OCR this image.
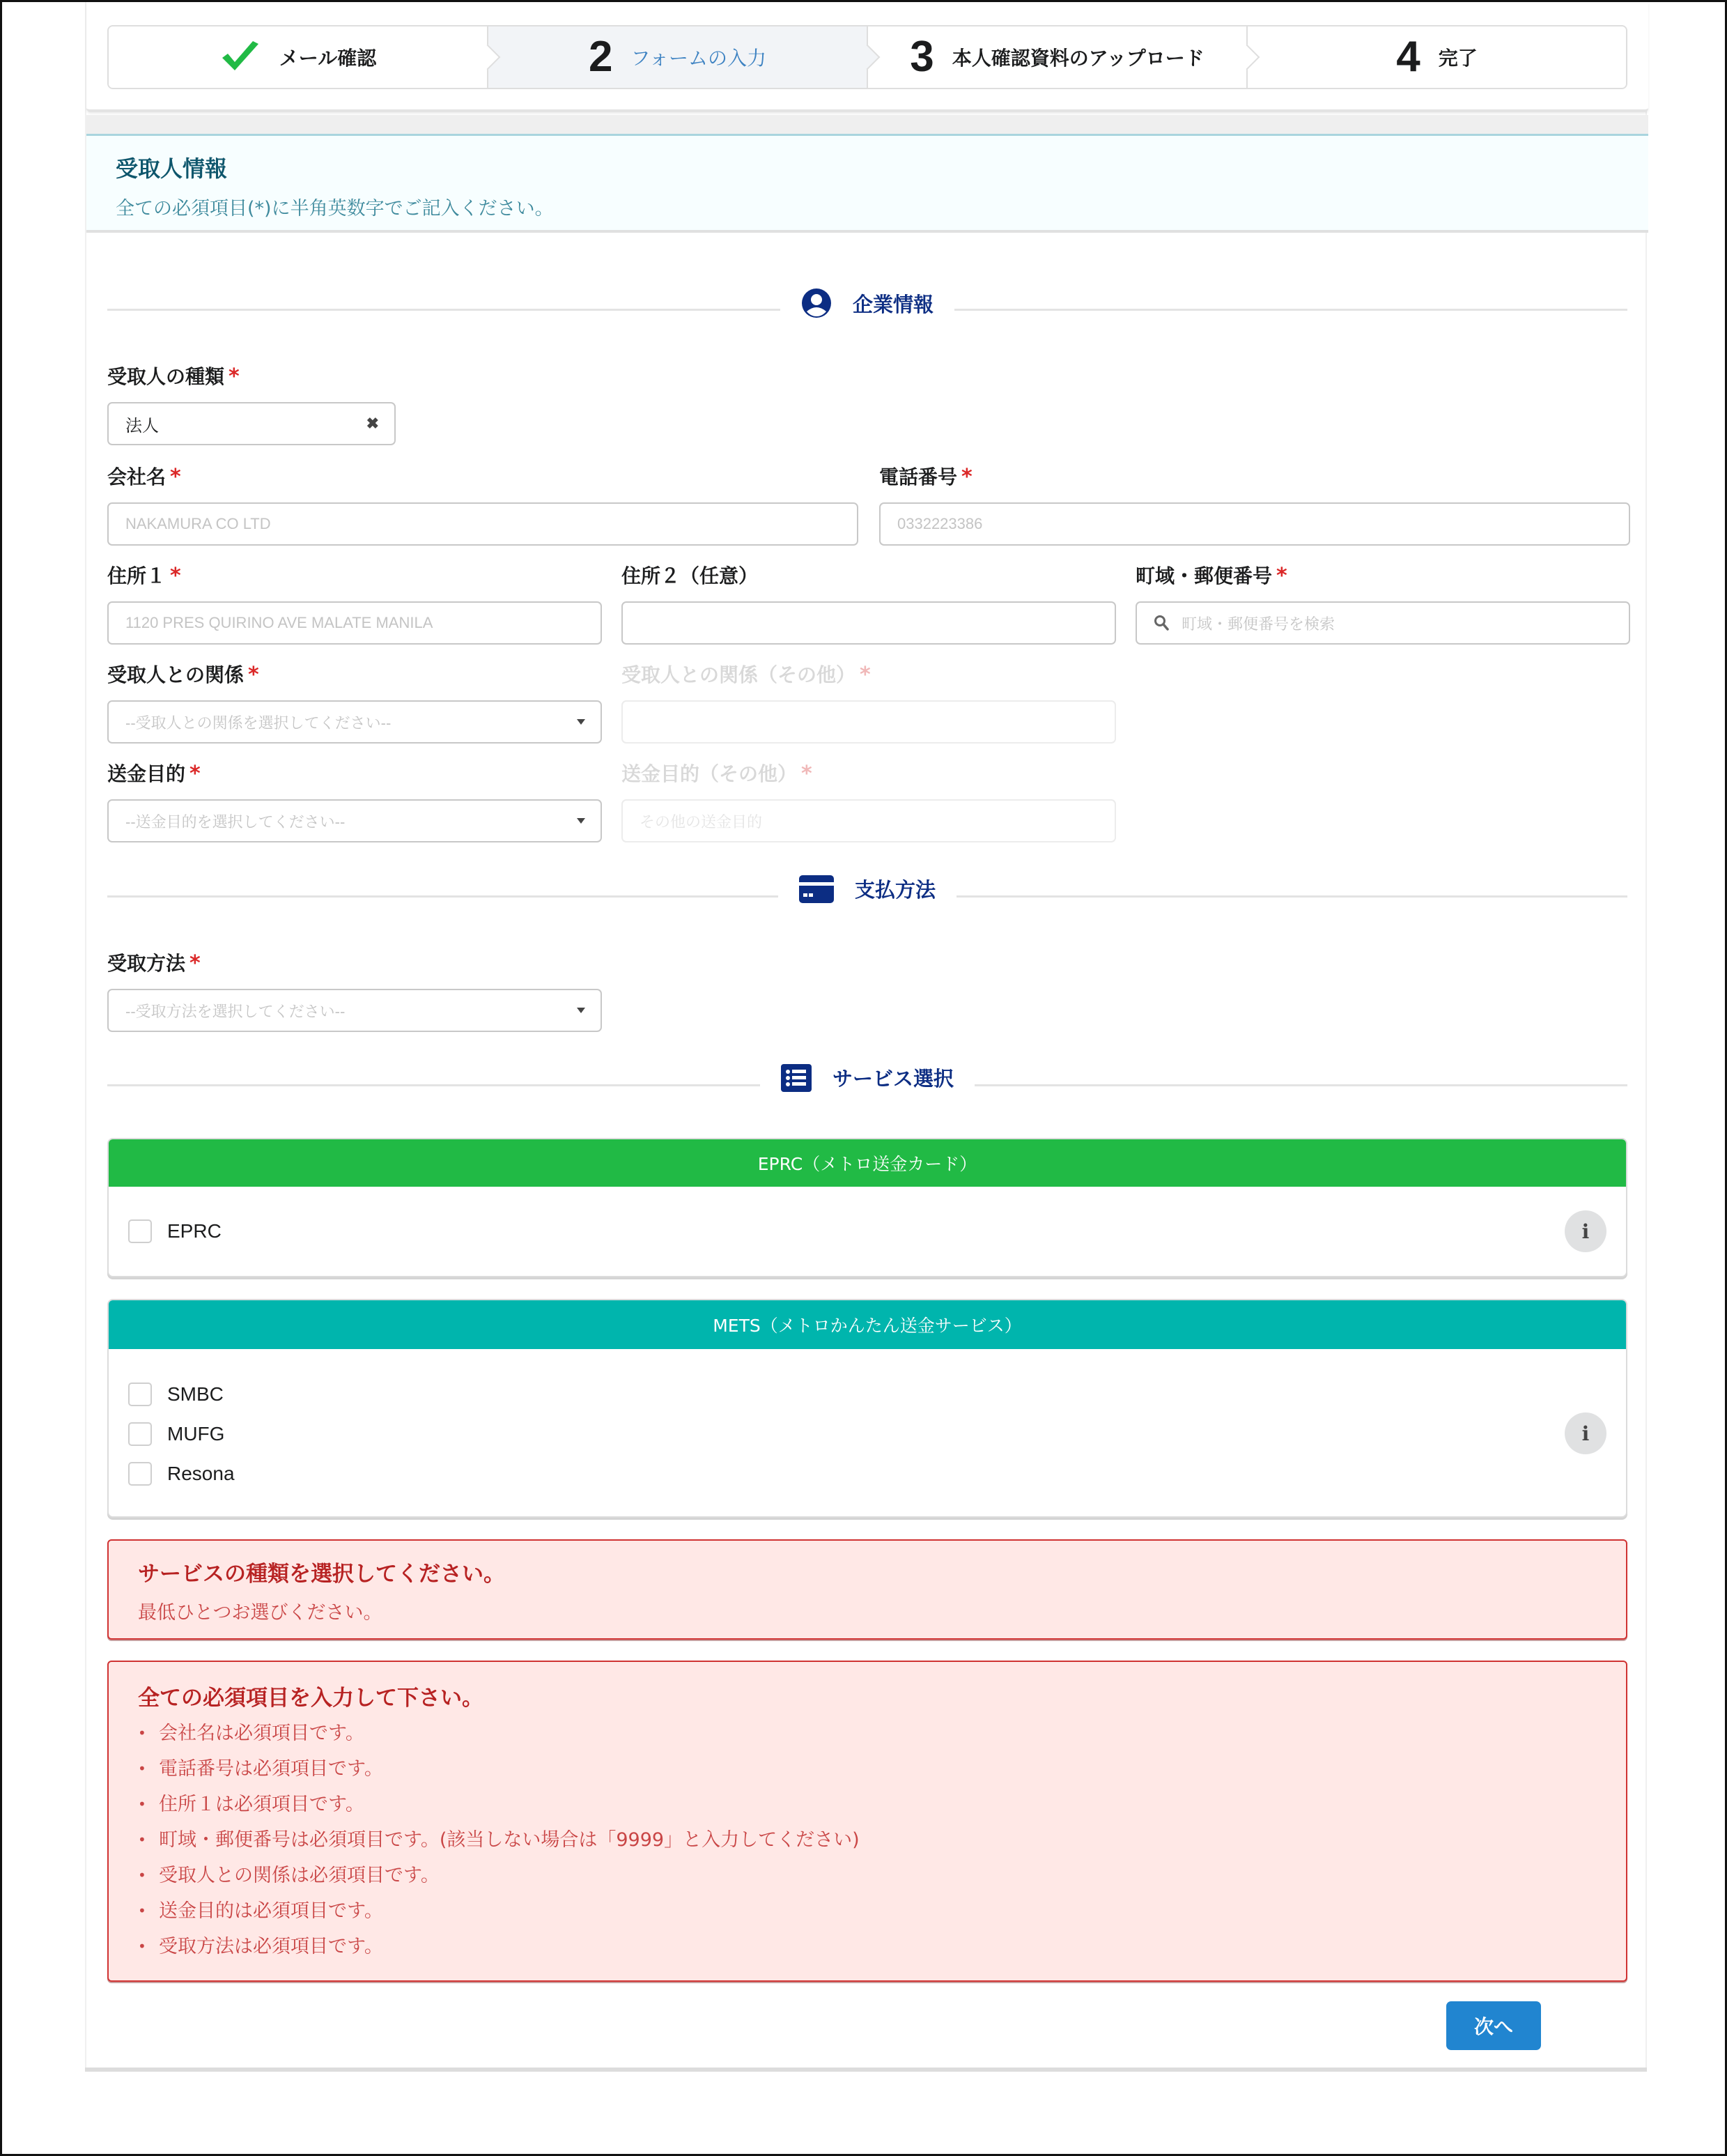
メール確認	2 フォームの入力	3 本人確認資料のアップロード	4 完了
受取人情報
全ての必須項目(*)に半角英数字でご記入ください。
企業情報
受取人の種類 *
法人	✖
会社名 *
NAKAMURA CO LTD
電話番号 *
0332223386
住所１ *
1120 PRES QUIRINO AVE MALATE MANILA
住所２（任意）	町域・郵便番号 *
町域・郵便番号を検索
受取人との関係 *
--受取人との関係を選択してください--
受取人との関係（その他） *
送金目的 *
--送金目的を選択してください--
送金目的（その他） *
その他の送金目的
支払方法
受取方法 *
--受取方法を選択してください--
サービス選択
EPRC（メトロ送金カード）
EPRC	i
METS（メトロかんたん送金サービス）
SMBC
MUFG
Resona
i
サービスの種類を選択してください。
最低ひとつお選びください。
全ての必須項目を入力して下さい。
• 会社名は必須項目です。
• 電話番号は必須項目です。
• 住所１は必須項目です。
• 町域・郵便番号は必須項目です。(該当しない場合は「9999」と入力してください)
• 受取人との関係は必須項目です。
• 送金目的は必須項目です。
• 受取方法は必須項目です。
次へ
